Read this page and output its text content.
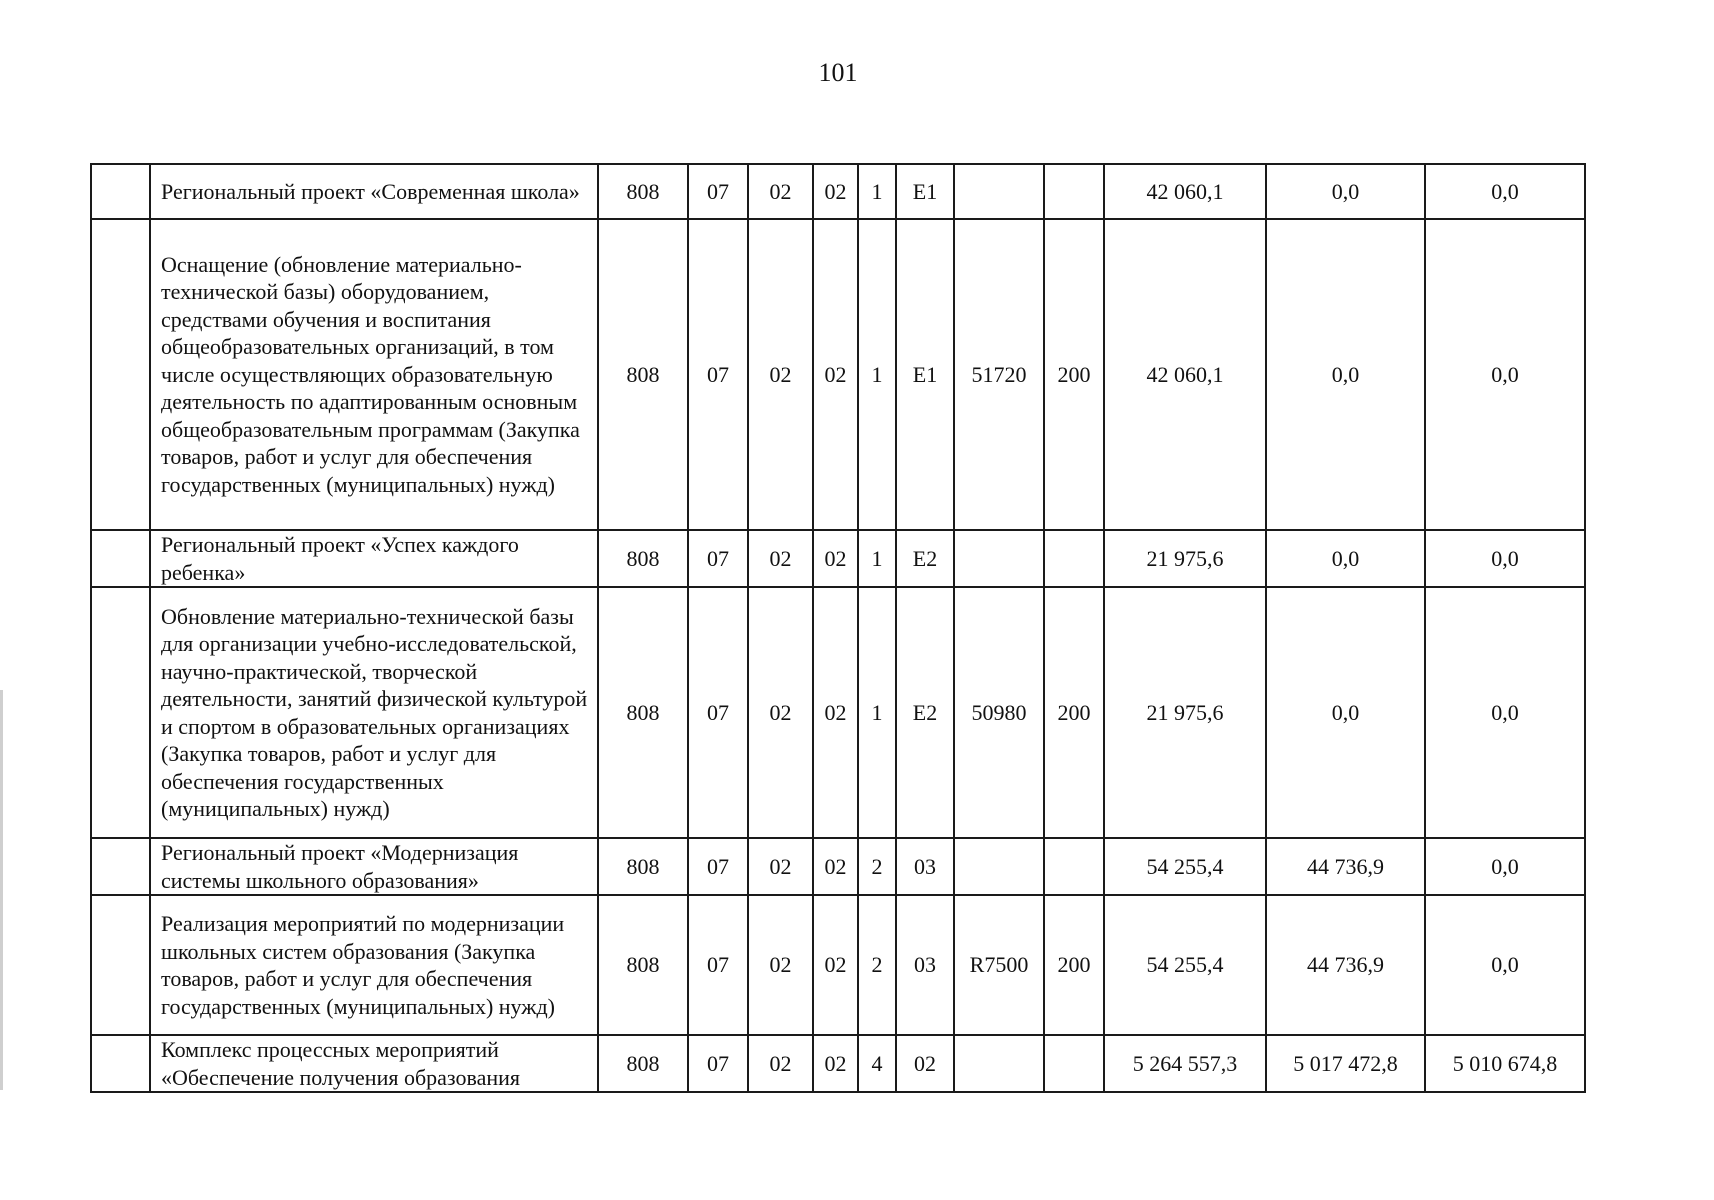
101
	Региональный проект «Современная школа»	808	07	02	02	1	E1			42 060,1	0,0	0,0
	Оснащение (обновление материально-технической базы) оборудованием, средствами обучения и воспитания общеобразовательных организаций, в том числе осуществляющих образовательную деятельность по адаптированным основным общеобразовательным программам (Закупка товаров, работ и услуг для обеспечения государственных (муниципальных) нужд)	808	07	02	02	1	E1	51720	200	42 060,1	0,0	0,0
	Региональный проект «Успех каждого ребенка»	808	07	02	02	1	E2			21 975,6	0,0	0,0
	Обновление материально-технической базы для организации учебно-исследовательской, научно-практической, творческой деятельности, занятий физической культурой и спортом в образовательных организациях (Закупка товаров, работ и услуг для обеспечения государственных (муниципальных) нужд)	808	07	02	02	1	E2	50980	200	21 975,6	0,0	0,0
	Региональный проект «Модернизация системы школьного образования»	808	07	02	02	2	03			54 255,4	44 736,9	0,0
	Реализация мероприятий по модернизации школьных систем образования (Закупка товаров, работ и услуг для обеспечения государственных (муниципальных) нужд)	808	07	02	02	2	03	R7500	200	54 255,4	44 736,9	0,0
	Комплекс процессных мероприятий «Обеспечение получения образования	808	07	02	02	4	02			5 264 557,3	5 017 472,8	5 010 674,8
